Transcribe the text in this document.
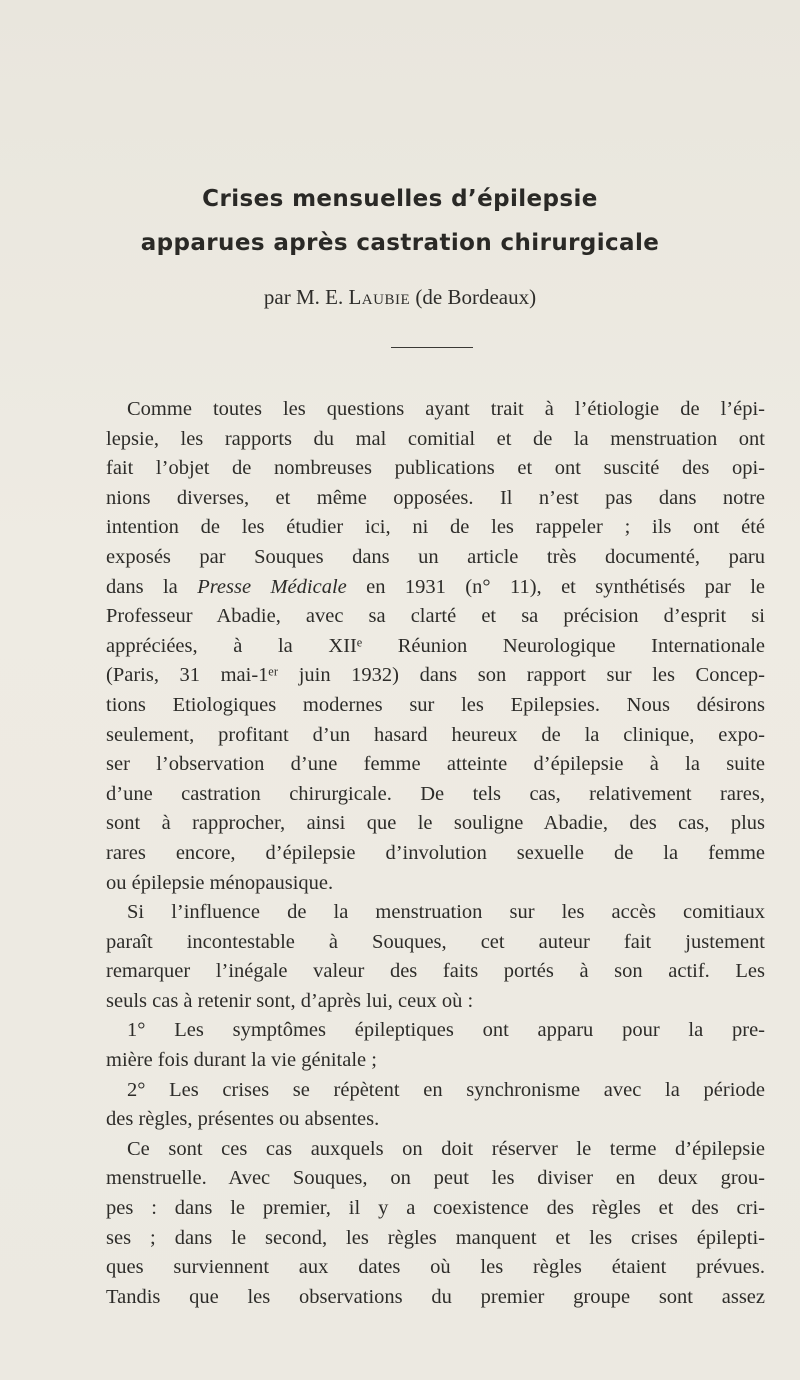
Crises mensuelles d’épilepsie
apparues après castration chirurgicale
par M. E. Laubie (de Bordeaux)
Comme toutes les questions ayant trait à l’étiologie de l’épi-
lepsie, les rapports du mal comitial et de la menstruation ont
fait l’objet de nombreuses publications et ont suscité des opi-
nions diverses, et même opposées. Il n’est pas dans notre
intention de les étudier ici, ni de les rappeler ; ils ont été
exposés par Souques dans un article très documenté, paru
dans la Presse Médicale en 1931 (n° 11), et synthétisés par le
Professeur Abadie, avec sa clarté et sa précision d’esprit si
appréciées, à la XIIᵉ Réunion Neurologique Internationale
(Paris, 31 mai-1ᵉʳ juin 1932) dans son rapport sur les Concep-
tions Etiologiques modernes sur les Epilepsies. Nous désirons
seulement, profitant d’un hasard heureux de la clinique, expo-
ser l’observation d’une femme atteinte d’épilepsie à la suite
d’une castration chirurgicale. De tels cas, relativement rares,
sont à rapprocher, ainsi que le souligne Abadie, des cas, plus
rares encore, d’épilepsie d’involution sexuelle de la femme
ou épilepsie ménopausique.
Si l’influence de la menstruation sur les accès comitiaux
paraît incontestable à Souques, cet auteur fait justement
remarquer l’inégale valeur des faits portés à son actif. Les
seuls cas à retenir sont, d’après lui, ceux où :
1° Les symptômes épileptiques ont apparu pour la pre-
mière fois durant la vie génitale ;
2° Les crises se répètent en synchronisme avec la période
des règles, présentes ou absentes.
Ce sont ces cas auxquels on doit réserver le terme d’épilepsie
menstruelle. Avec Souques, on peut les diviser en deux grou-
pes : dans le premier, il y a coexistence des règles et des cri-
ses ; dans le second, les règles manquent et les crises épilepti-
ques surviennent aux dates où les règles étaient prévues.
Tandis que les observations du premier groupe sont assez
